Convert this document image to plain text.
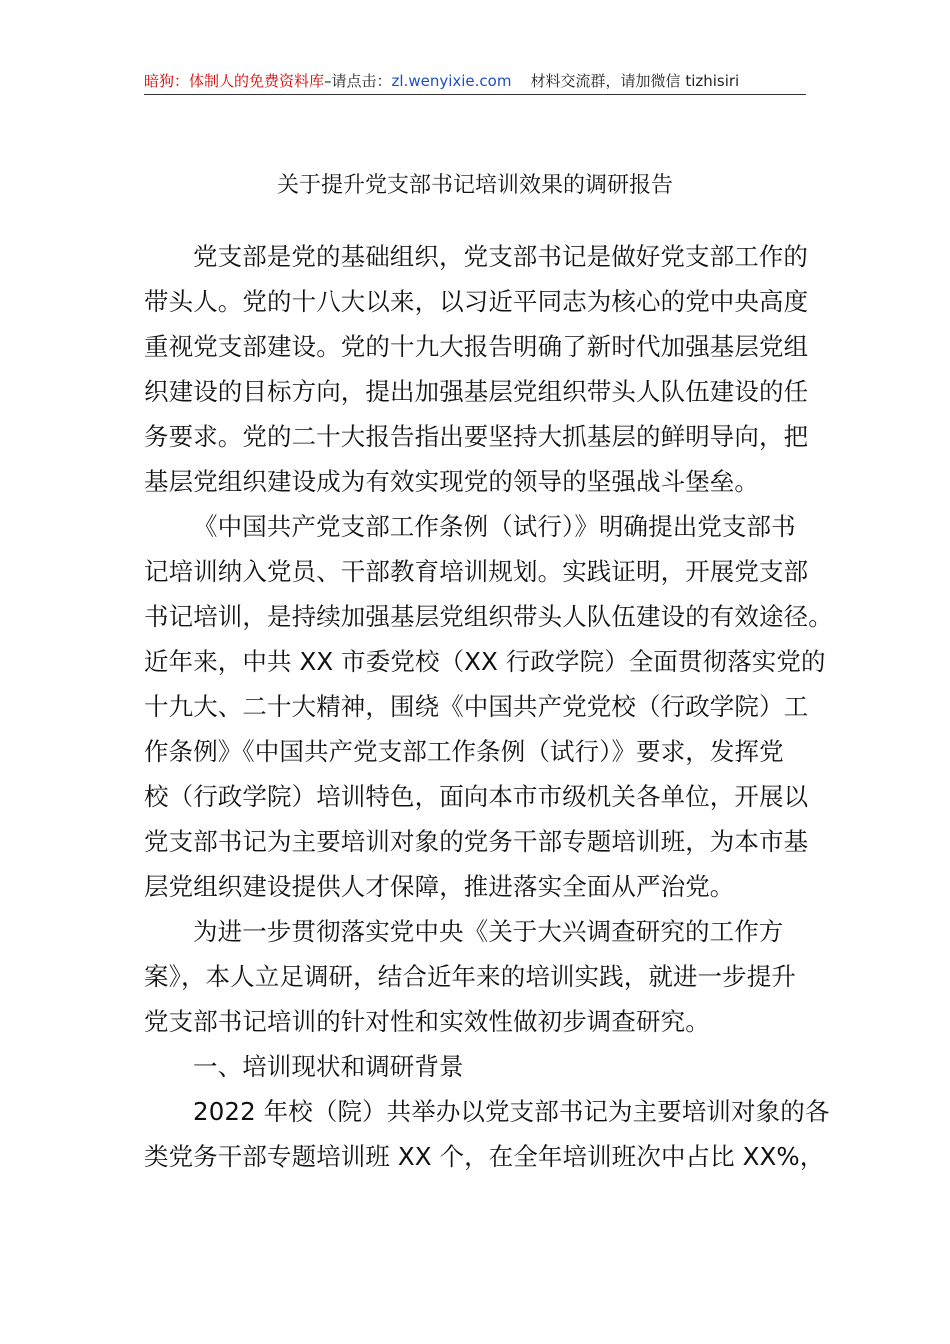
暗狗：体制人的免费资料库–请点击：zl.wenyixie.com 材料交流群，请加微信 tizhisiri
关于提升党支部书记培训效果的调研报告
党支部是党的基础组织，党支部书记是做好党支部工作的
带头人。党的十八大以来，以习近平同志为核心的党中央高度
重视党支部建设。党的十九大报告明确了新时代加强基层党组
织建设的目标方向，提出加强基层党组织带头人队伍建设的任
务要求。党的二十大报告指出要坚持大抓基层的鲜明导向，把
基层党组织建设成为有效实现党的领导的坚强战斗堡垒。
《中国共产党支部工作条例（试行）》明确提出党支部书
记培训纳入党员、干部教育培训规划。实践证明，开展党支部
书记培训，是持续加强基层党组织带头人队伍建设的有效途径。
近年来，中共 XX 市委党校（XX 行政学院）全面贯彻落实党的
十九大、二十大精神，围绕《中国共产党党校（行政学院）工
作条例》《中国共产党支部工作条例（试行）》要求，发挥党
校（行政学院）培训特色，面向本市市级机关各单位，开展以
党支部书记为主要培训对象的党务干部专题培训班，为本市基
层党组织建设提供人才保障，推进落实全面从严治党。
为进一步贯彻落实党中央《关于大兴调查研究的工作方
案》，本人立足调研，结合近年来的培训实践，就进一步提升
党支部书记培训的针对性和实效性做初步调查研究。
一、培训现状和调研背景
2022 年校（院）共举办以党支部书记为主要培训对象的各
类党务干部专题培训班 XX 个，在全年培训班次中占比 XX%，
